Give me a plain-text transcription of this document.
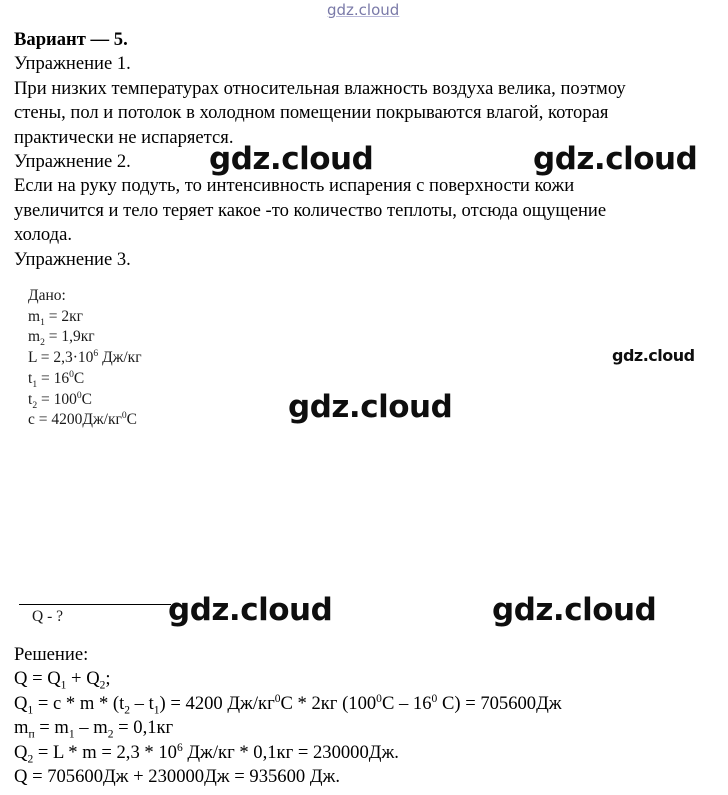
gdz.cloud
Вариант — 5.
Упражнение 1.
При низких температурах относительная влажность воздуха велика, поэтмоу
стены, пол и потолок в холодном помещении покрываются влагой, которая
практически не испаряется.
Упражнение 2.
Если на руку подуть, то интенсивность испарения с поверхности кожи
увеличится и тело теряет какое -то количество теплоты, отсюда ощущение
холода.
Упражнение 3.
Дано:
$m_1 = 2кг$
$m_2 = 1,9кг$
$L = 2,3\cdot 10^6$ Дж/кг
$t_1 = 16^0C$
$t_2 = 100^0C$
$c = 4200Дж/кг^0C$
Q - ?
Решение:
$Q = Q_1 + Q_2$;
$Q_1 = c * m * (t_2 - t_1) = 4200$ $Дж/кг^0С * 2кг$ ($100^0С - 16^0$ С) = 705600Дж
$m_п = m_1 - m_2 = 0,1кг$
$Q_2 = L * m = 2,3 * 10^6$ Дж/кг * 0,1кг = 230000Дж.
Q = 705600Дж + 230000Дж = 935600 Дж.
gdz.cloud	gdz.cloud
gdz.cloud
gdz.cloud
gdz.cloud	gdz.cloud
